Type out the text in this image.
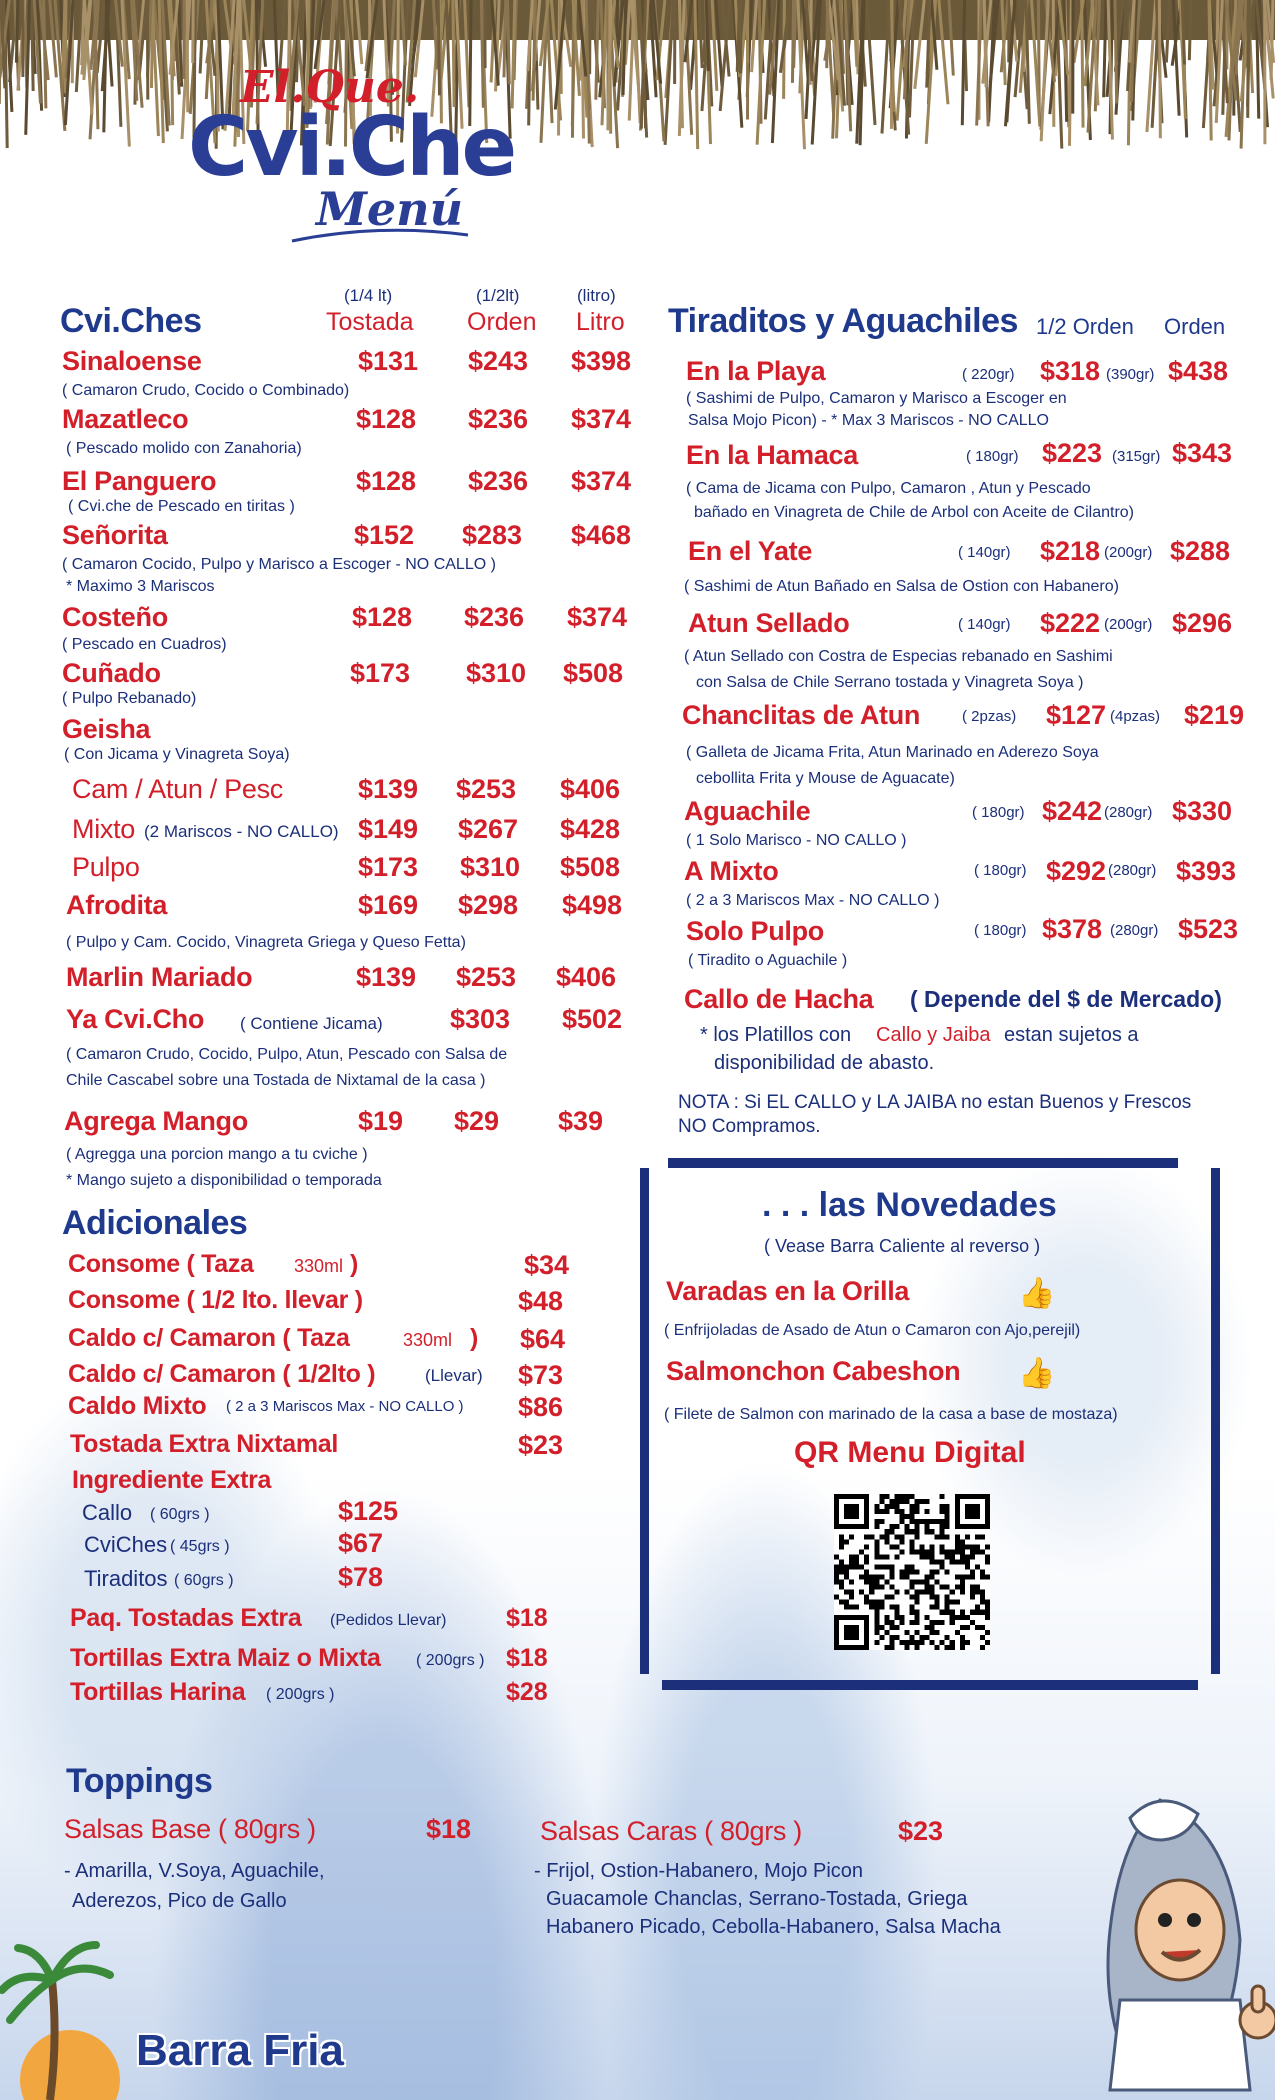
El.Que.
Cvi.Che
Menú
(1/4 lt)	(1/2lt)	(litro)
Cvi.Ches	Tostada Orden Litro
Sinaloense	$131 $243 $398
( Camaron Crudo, Cocido o Combinado)
Mazatleco	$128 $236 $374
( Pescado molido con Zanahoria)
El Panguero	$128 $236 $374
( Cvi.che de Pescado en tiritas )
Señorita	$152 $283 $468
( Camaron Cocido, Pulpo y Marisco a Escoger - NO CALLO )
* Maximo 3 Mariscos
Costeño	$128 $236 $374
( Pescado en Cuadros)
Cuñado	$173 $310 $508
( Pulpo Rebanado)
Geisha
( Con Jicama y Vinagreta Soya)
Cam / Atun / Pesc	$139 $253 $406
Mixto (2 Mariscos - NO CALLO) $149 $267 $428
Pulpo	$173 $310 $508
Afrodita	$169 $298 $498
( Pulpo y Cam. Cocido, Vinagreta Griega y Queso Fetta)
Marlin Mariado	$139 $253 $406
Ya Cvi.Cho ( Contiene Jicama) $303 $502
( Camaron Crudo, Cocido, Pulpo, Atun, Pescado con Salsa de
Chile Cascabel sobre una Tostada de Nixtamal de la casa )
Agrega Mango	$19 $29 $39
( Agregga una porcion mango a tu cviche )
* Mango sujeto a disponibilidad o temporada
Adicionales
Consome ( Taza 330ml )	$34
Consome ( 1/2 lto. llevar )	$48
Caldo c/ Camaron ( Taza	330ml ) $64
Caldo c/ Camaron ( 1/2lto )	(Llevar) $73
Caldo Mixto ( 2 a 3 Mariscos Max - NO CALLO ) $86
Tostada Extra Nixtamal	$23
Ingrediente Extra
Callo ( 60grs )	$125
CviChes ( 45grs )	$67
Tiraditos ( 60grs )	$78
Paq. Tostadas Extra (Pedidos Llevar) $18
Tortillas Extra Maiz o Mixta ( 200grs ) $18
Tortillas Harina ( 200grs )	$28
Tiraditos y Aguachiles 1/2 Orden Orden
En la Playa	( 220gr) $318 (390gr) $438
( Sashimi de Pulpo, Camaron y Marisco a Escoger en
Salsa Mojo Picon) - * Max 3 Mariscos - NO CALLO
En la Hamaca	( 180gr) $223 (315gr) $343
( Cama de Jicama con Pulpo, Camaron , Atun y Pescado
bañado en Vinagreta de Chile de Arbol con Aceite de Cilantro)
En el Yate	( 140gr) $218 (200gr) $288
( Sashimi de Atun Bañado en Salsa de Ostion con Habanero)
Atun Sellado	( 140gr) $222 (200gr) $296
( Atun Sellado con Costra de Especias rebanado en Sashimi
con Salsa de Chile Serrano tostada y Vinagreta Soya )
Chanclitas de Atun	( 2pzas) $127 (4pzas) $219
( Galleta de Jicama Frita, Atun Marinado en Aderezo Soya
cebollita Frita y Mouse de Aguacate)
Aguachile	( 180gr) $242 (280gr) $330
( 1 Solo Marisco - NO CALLO )
A Mixto	( 180gr) $292 (280gr) $393
( 2 a 3 Mariscos Max - NO CALLO )
Solo Pulpo	( 180gr) $378 (280gr) $523
( Tiradito o Aguachile )
Callo de Hacha ( Depende del $ de Mercado)
* los Platillos con Callo y Jaiba estan sujetos a
disponibilidad de abasto.
NOTA : Si EL CALLO y LA JAIBA no estan Buenos y Frescos
NO Compramos.
. . . las Novedades
( Vease Barra Caliente al reverso )
Varadas en la Orilla	👍
( Enfrijoladas de Asado de Atun o Camaron con Ajo,perejil)
Salmonchon Cabeshon 👍
( Filete de Salmon con marinado de la casa a base de mostaza)
QR Menu Digital
Toppings
Salsas Base ( 80grs )	$18
- Amarilla, V.Soya, Aguachile,
Aderezos, Pico de Gallo
Salsas Caras ( 80grs )	$23
- Frijol, Ostion-Habanero, Mojo Picon
Guacamole Chanclas, Serrano-Tostada, Griega
Habanero Picado, Cebolla-Habanero, Salsa Macha
Barra Fria
